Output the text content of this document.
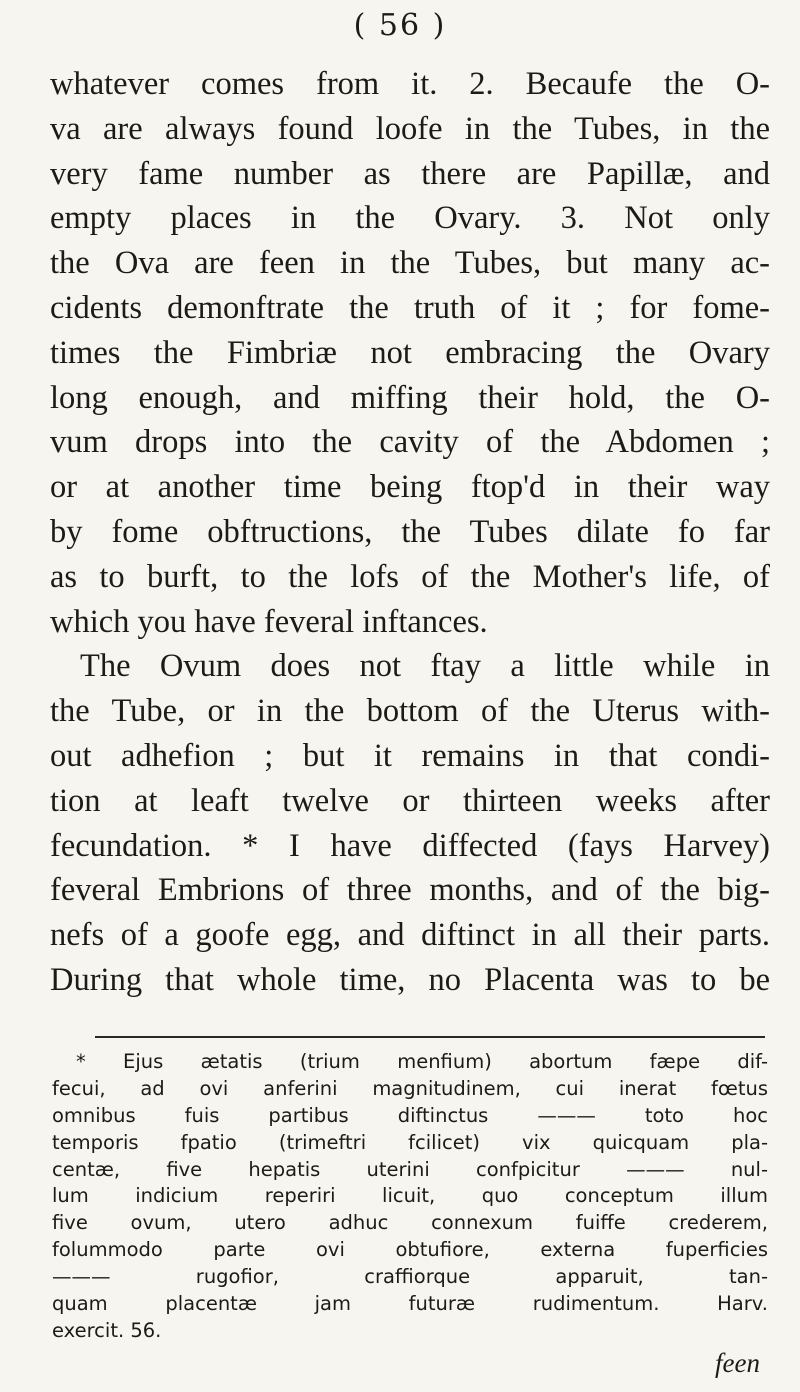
( 56 )
whatever comes from it. 2. Becaufe the O-
va are always found loofe in the Tubes, in the
very fame number as there are Papillæ, and
empty places in the Ovary. 3. Not only
the Ova are feen in the Tubes, but many ac-
cidents demonftrate the truth of it ; for fome-
times the Fimbriæ not embracing the Ovary
long enough, and miffing their hold, the O-
vum drops into the cavity of the Abdomen ;
or at another time being ftop'd in their way
by fome obftructions, the Tubes dilate fo far
as to burft, to the lofs of the Mother's life, of
which you have feveral inftances.
The Ovum does not ftay a little while in
the Tube, or in the bottom of the Uterus with-
out adhefion ; but it remains in that condi-
tion at leaft twelve or thirteen weeks after
fecundation. * I have diffected (fays Harvey)
feveral Embrions of three months, and of the big-
nefs of a goofe egg, and diftinct in all their parts.
During that whole time, no Placenta was to be
* Ejus ætatis (trium menfium) abortum fæpe dif-
fecui, ad ovi anferini magnitudinem, cui inerat fœtus
omnibus fuis partibus diftinctus ——— toto hoc
temporis fpatio (trimeftri fcilicet) vix quicquam pla-
centæ, five hepatis uterini confpicitur ——— nul-
lum indicium reperiri licuit, quo conceptum illum
five ovum, utero adhuc connexum fuiffe crederem,
folummodo parte ovi obtufiore, externa fuperficies
——— rugofior, craffiorque apparuit, tan-
quam placentæ jam futuræ rudimentum. Harv.
exercit. 56.
feen
